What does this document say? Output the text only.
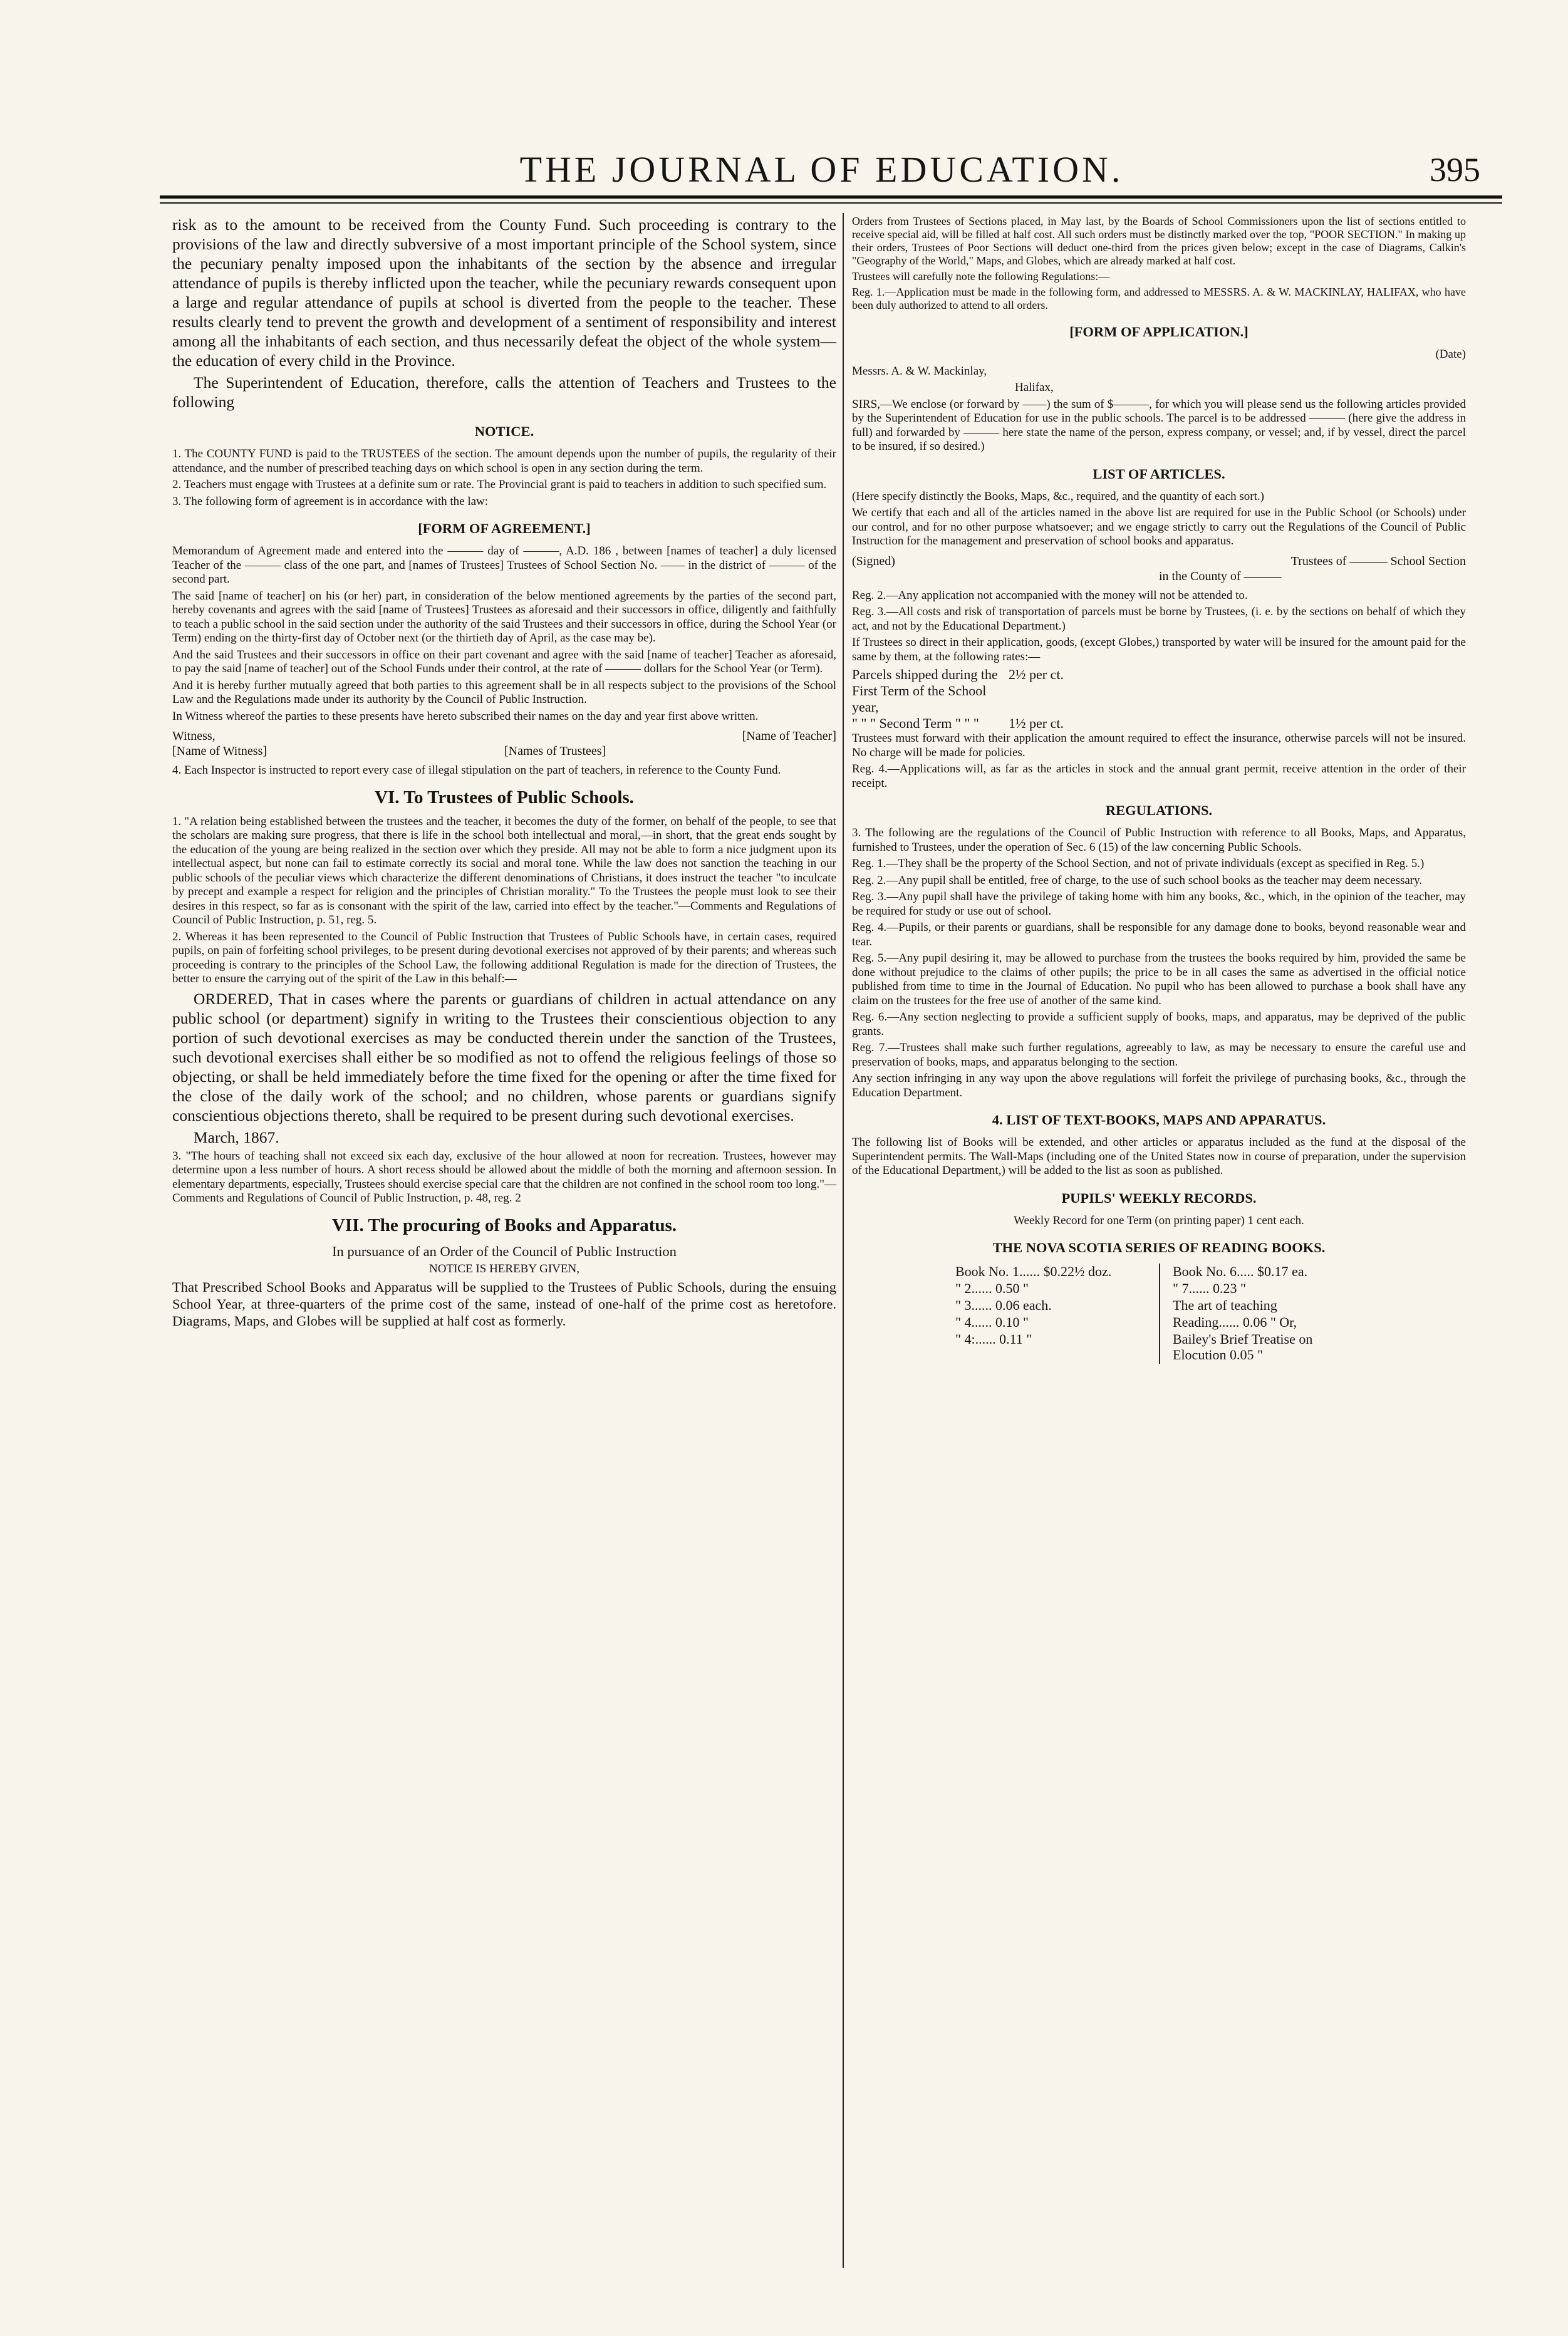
THE JOURNAL OF EDUCATION.	395

risk as to the amount to be received from the County Fund. Such proceeding is contrary to the provisions of the law and directly subversive of a most important principle of the School system, since the pecuniary penalty imposed upon the inhabitants of the section by the absence and irregular attendance of pupils is thereby inflicted upon the teacher, while the pecuniary rewards consequent upon a large and regular attendance of pupils at school is diverted from the people to the teacher. These results clearly tend to prevent the growth and development of a sentiment of responsibility and interest among all the inhabitants of each section, and thus necessarily defeat the object of the whole system—the education of every child in the Province.

The Superintendent of Education, therefore, calls the attention of Teachers and Trustees to the following

NOTICE.

1. The COUNTY FUND is paid to the TRUSTEES of the section. The amount depends upon the number of pupils, the regularity of their attendance, and the number of prescribed teaching days on which school is open in any section during the term.

2. Teachers must engage with Trustees at a definite sum or rate. The Provincial grant is paid to teachers in addition to such specified sum.

3. The following form of agreement is in accordance with the law:

[FORM OF AGREEMENT.]

Memorandum of Agreement made and entered into the ——— day of ———, A.D. 186 , between [names of teacher] a duly licensed Teacher of the ——— class of the one part, and [names of Trustees] Trustees of School Section No. —— in the district of ——— of the second part.

The said [name of teacher] on his (or her) part, in consideration of the below mentioned agreements by the parties of the second part, hereby covenants and agrees with the said [name of Trustees] Trustees as aforesaid and their successors in office, diligently and faithfully to teach a public school in the said section under the authority of the said Trustees and their successors in office, during the School Year (or Term) ending on the thirty-first day of October next (or the thirtieth day of April, as the case may be).

And the said Trustees and their successors in office on their part covenant and agree with the said [name of teacher] Teacher as aforesaid, to pay the said [name of teacher] out of the School Funds under their control, at the rate of ——— dollars for the School Year (or Term).

And it is hereby further mutually agreed that both parties to this agreement shall be in all respects subject to the provisions of the School Law and the Regulations made under its authority by the Council of Public Instruction.

In Witness whereof the parties to these presents have hereto subscribed their names on the day and year first above written.

Witness,	[Name of Teacher]
[Name of Witness]	[Names of Trustees]

4. Each Inspector is instructed to report every case of illegal stipulation on the part of teachers, in reference to the County Fund.

VI. To Trustees of Public Schools.

1. "A relation being established between the trustees and the teacher, it becomes the duty of the former, on behalf of the people, to see that the scholars are making sure progress, that there is life in the school both intellectual and moral,—in short, that the great ends sought by the education of the young are being realized in the section over which they preside. All may not be able to form a nice judgment upon its intellectual aspect, but none can fail to estimate correctly its social and moral tone. While the law does not sanction the teaching in our public schools of the peculiar views which characterize the different denominations of Christians, it does instruct the teacher "to inculcate by precept and example a respect for religion and the principles of Christian morality." To the Trustees the people must look to see their desires in this respect, so far as is consonant with the spirit of the law, carried into effect by the teacher."—Comments and Regulations of Council of Public Instruction, p. 51, reg. 5.

2. Whereas it has been represented to the Council of Public Instruction that Trustees of Public Schools have, in certain cases, required pupils, on pain of forfeiting school privileges, to be present during devotional exercises not approved of by their parents; and whereas such proceeding is contrary to the principles of the School Law, the following additional Regulation is made for the direction of Trustees, the better to ensure the carrying out of the spirit of the Law in this behalf:—

ORDERED, That in cases where the parents or guardians of children in actual attendance on any public school (or department) signify in writing to the Trustees their conscientious objection to any portion of such devotional exercises as may be conducted therein under the sanction of the Trustees, such devotional exercises shall either be so modified as not to offend the religious feelings of those so objecting, or shall be held immediately before the time fixed for the opening or after the time fixed for the close of the daily work of the school; and no children, whose parents or guardians signify conscientious objections thereto, shall be required to be present during such devotional exercises.

March, 1867.

3. "The hours of teaching shall not exceed six each day, exclusive of the hour allowed at noon for recreation. Trustees, however may determine upon a less number of hours. A short recess should be allowed about the middle of both the morning and afternoon session. In elementary departments, especially, Trustees should exercise special care that the children are not confined in the school room too long."—Comments and Regulations of Council of Public Instruction, p. 48, reg. 2

VII. The procuring of Books and Apparatus.

In pursuance of an Order of the Council of Public Instruction

NOTICE IS HEREBY GIVEN,

That Prescribed School Books and Apparatus will be supplied to the Trustees of Public Schools, during the ensuing School Year, at three-quarters of the prime cost of the same, instead of one-half of the prime cost as heretofore. Diagrams, Maps, and Globes will be supplied at half cost as formerly.

Orders from Trustees of Sections placed, in May last, by the Boards of School Commissioners upon the list of sections entitled to receive special aid, will be filled at half cost. All such orders must be distinctly marked over the top, "POOR SECTION." In making up their orders, Trustees of Poor Sections will deduct one-third from the prices given below; except in the case of Diagrams, Calkin's "Geography of the World," Maps, and Globes, which are already marked at half cost.

Trustees will carefully note the following Regulations:—

Reg. 1.—Application must be made in the following form, and addressed to MESSRS. A. & W. MACKINLAY, HALIFAX, who have been duly authorized to attend to all orders.

[FORM OF APPLICATION.]

(Date)

Messrs. A. & W. Mackinlay,

Halifax,

SIRS,—We enclose (or forward by ——) the sum of $———, for which you will please send us the following articles provided by the Superintendent of Education for use in the public schools. The parcel is to be addressed ——— (here give the address in full) and forwarded by ——— here state the name of the person, express company, or vessel; and, if by vessel, direct the parcel to be insured, if so desired.)

LIST OF ARTICLES.

(Here specify distinctly the Books, Maps, &c., required, and the quantity of each sort.)

We certify that each and all of the articles named in the above list are required for use in the Public School (or Schools) under our control, and for no other purpose whatsoever; and we engage strictly to carry out the Regulations of the Council of Public Instruction for the management and preservation of school books and apparatus.

(Signed)	Trustees of ——— School Section
in the County of ———

Reg. 2.—Any application not accompanied with the money will not be attended to.

Reg. 3.—All costs and risk of transportation of parcels must be borne by Trustees, (i. e. by the sections on behalf of which they act, and not by the Educational Department.)

If Trustees so direct in their application, goods, (except Globes,) transported by water will be insured for the amount paid for the same by them, at the following rates:—

Parcels shipped during the First Term of the School year,
2½ per ct.
" " " Second Term " " "	1½ per ct.

Trustees must forward with their application the amount required to effect the insurance, otherwise parcels will not be insured. No charge will be made for policies.

Reg. 4.—Applications will, as far as the articles in stock and the annual grant permit, receive attention in the order of their receipt.

REGULATIONS.

3. The following are the regulations of the Council of Public Instruction with reference to all Books, Maps, and Apparatus, furnished to Trustees, under the operation of Sec. 6 (15) of the law concerning Public Schools.

Reg. 1.—They shall be the property of the School Section, and not of private individuals (except as specified in Reg. 5.)

Reg. 2.—Any pupil shall be entitled, free of charge, to the use of such school books as the teacher may deem necessary.

Reg. 3.—Any pupil shall have the privilege of taking home with him any books, &c., which, in the opinion of the teacher, may be required for study or use out of school.

Reg. 4.—Pupils, or their parents or guardians, shall be responsible for any damage done to books, beyond reasonable wear and tear.

Reg. 5.—Any pupil desiring it, may be allowed to purchase from the trustees the books required by him, provided the same be done without prejudice to the claims of other pupils; the price to be in all cases the same as advertised in the official notice published from time to time in the Journal of Education. No pupil who has been allowed to purchase a book shall have any claim on the trustees for the free use of another of the same kind.

Reg. 6.—Any section neglecting to provide a sufficient supply of books, maps, and apparatus, may be deprived of the public grants.

Reg. 7.—Trustees shall make such further regulations, agreeably to law, as may be necessary to ensure the careful use and preservation of books, maps, and apparatus belonging to the section.

Any section infringing in any way upon the above regulations will forfeit the privilege of purchasing books, &c., through the Education Department.

4. LIST OF TEXT-BOOKS, MAPS AND APPARATUS.

The following list of Books will be extended, and other articles or apparatus included as the fund at the disposal of the Superintendent permits. The Wall-Maps (including one of the United States now in course of preparation, under the supervision of the Educational Department,) will be added to the list as soon as published.

PUPILS' WEEKLY RECORDS.

Weekly Record for one Term (on printing paper) 1 cent each.

THE NOVA SCOTIA SERIES OF READING BOOKS.
Book No. 1...... $0.22½ doz.	Book No. 6..... $0.17 ea.
" 2...... 0.50 "	" 7...... 0.23 "
" 3...... 0.06 each.	The art of teaching
" 4...... 0.10 "	Reading...... 0.06 " Or,
" 4:...... 0.11 "	Bailey's Brief Treatise on Elocution 0.05 "
